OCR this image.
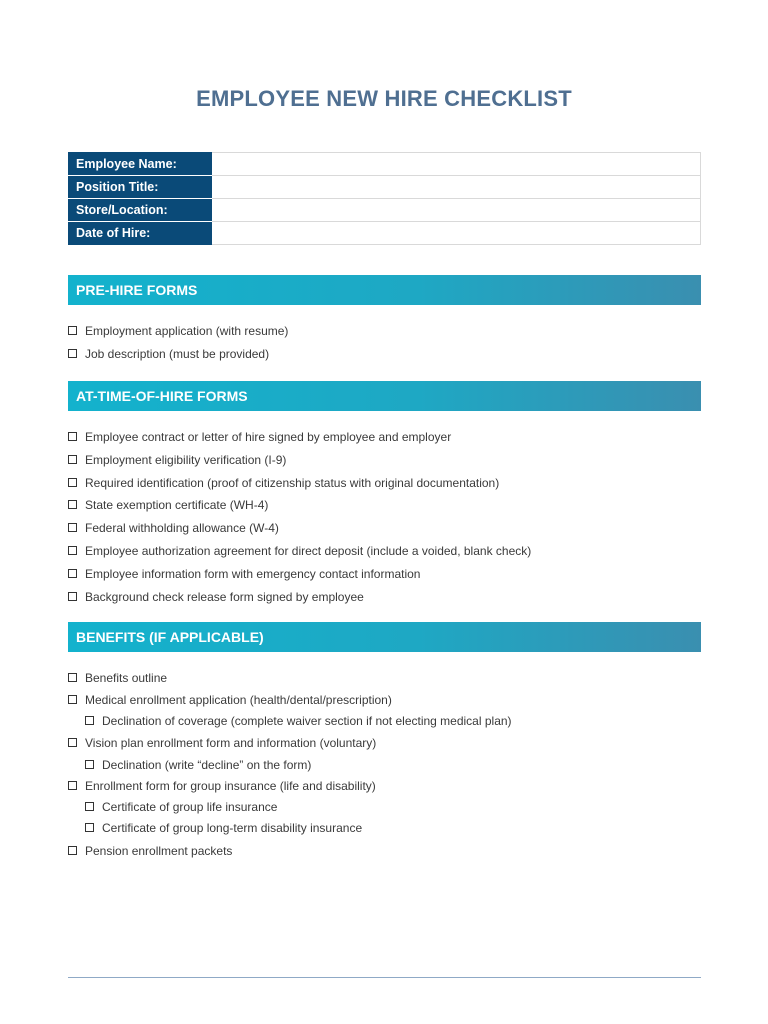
EMPLOYEE NEW HIRE CHECKLIST
Employee Name:	
Position Title:	
Store/Location:	
Date of Hire:	
PRE-HIRE FORMS
Employment application (with resume)
Job description (must be provided)
AT-TIME-OF-HIRE FORMS
Employee contract or letter of hire signed by employee and employer
Employment eligibility verification (I-9)
Required identification (proof of citizenship status with original documentation)
State exemption certificate (WH-4)
Federal withholding allowance (W-4)
Employee authorization agreement for direct deposit (include a voided, blank check)
Employee information form with emergency contact information
Background check release form signed by employee
BENEFITS (IF APPLICABLE)
Benefits outline
Medical enrollment application (health/dental/prescription)
Declination of coverage (complete waiver section if not electing medical plan)
Vision plan enrollment form and information (voluntary)
Declination (write “decline” on the form)
Enrollment form for group insurance (life and disability)
Certificate of group life insurance
Certificate of group long-term disability insurance
Pension enrollment packets
